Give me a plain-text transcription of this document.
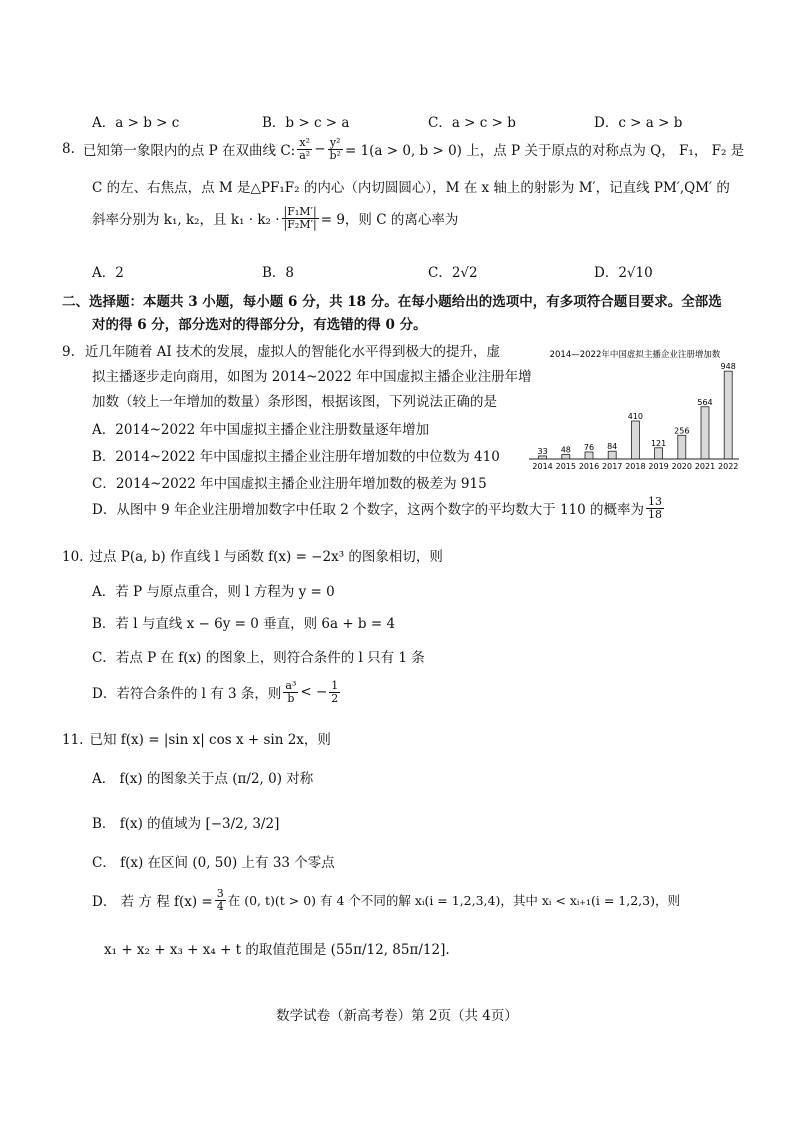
A．a > b > c	B．b > c > a	C．a > c > b	D．c > a > b
8. 已知第一象限内的点 P 在双曲线 C: $\frac{\text{x²}}{\text{a²}} - \frac{\text{y²}}{\text{b²}} = 1(a > 0$, b > 0) 上，点 P 关于原点的对称点为 Q， F₁， F₂ 是
C 的左、右焦点，点 M 是△PF₁F₂ 的内心（内切圆圆心），M 在 x 轴上的射影为 M′，记直线 PM′,QM′ 的
斜率分别为 k₁, k₂，且 $k_1 \cdot k_2 \cdot \frac{\text{|F₁M′|}}{\text{|F₂M′|}} = 9$，则 C 的离心率为
A．2	B．8	C．2√2	D．2√10
二、选择题：本题共 3 小题，每小题 6 分，共 18 分。在每小题给出的选项中，有多项符合题目要求。全部选
对的得 6 分，部分选对的得部分分，有选错的得 0 分。
9. 近几年随着 AI 技术的发展，虚拟人的智能化水平得到极大的提升，虚
拟主播逐步走向商用，如图为 2014~2022 年中国虚拟主播企业注册年增
加数（较上一年增加的数量）条形图，根据该图，下列说法正确的是
A．2014~2022 年中国虚拟主播企业注册数量逐年增加
B．2014~2022 年中国虚拟主播企业注册年增加数的中位数为 410
C．2014~2022 年中国虚拟主播企业注册年增加数的极差为 915
D．从图中 9 年企业注册增加数字中任取 2 个数字，这两个数字的平均数大于 110 的概率为 $\frac{13}{18}$
2014—2022年中国虚拟主播企业注册增加数
33
2014
48
2015
76
2016
84
2017
410
2018
121
2019
256
2020
564
2021
948
2022
10. 过点 P(a, b) 作直线 l 与函数 f(x) = −2x³ 的图象相切，则
A．若 P 与原点重合，则 l 方程为 y = 0
B．若 l 与直线 x − 6y = 0 垂直，则 6a + b = 4
C．若点 P 在 f(x) 的图象上，则符合条件的 l 只有 1 条
D．若符合条件的 l 有 3 条，则 $\frac{\text{a³}}{b}$ < − $\frac{1}{2}$
11. 已知 f(x) = |sin x| cos x + sin 2x，则
A． f(x) 的图象关于点 (π/2, 0) 对称
B． f(x) 的值域为 [−3/2, 3/2]
C． f(x) 在区间 (0, 50) 上有 33 个零点
D． 若 方 程 $f(x) = \frac{3}{4}$ 在 (0, t)(t > 0) 有 4 个不同的解 xᵢ(i = 1,2,3,4)，其中 xᵢ < xᵢ₊₁(i = 1,2,3)，则
x₁ + x₂ + x₃ + x₄ + t 的取值范围是 (55π/12, 85π/12].
数学试卷（新高考卷）第 2页（共 4页）
